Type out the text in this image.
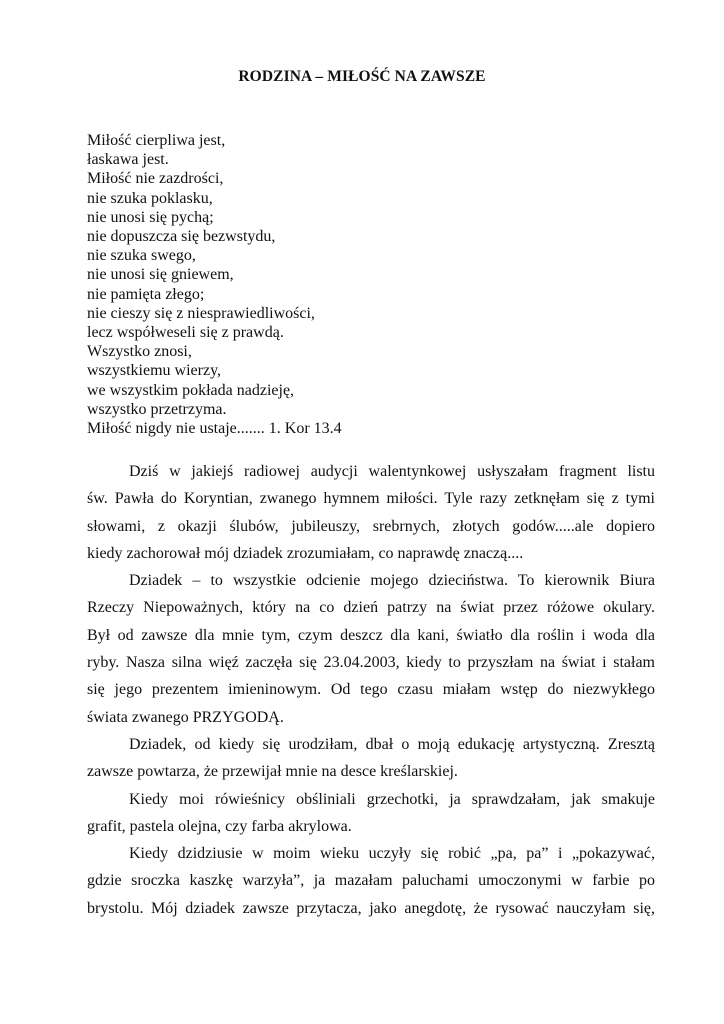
RODZINA – MIŁOŚĆ NA ZAWSZE
Miłość cierpliwa jest,
łaskawa jest.
Miłość nie zazdrości,
nie szuka poklasku,
nie unosi się pychą;
nie dopuszcza się bezwstydu,
nie szuka swego,
nie unosi się gniewem,
nie pamięta złego;
nie cieszy się z niesprawiedliwości,
lecz współweseli się z prawdą.
Wszystko znosi,
wszystkiemu wierzy,
we wszystkim pokłada nadzieję,
wszystko przetrzyma.
Miłość nigdy nie ustaje....... 1. Kor 13.4
Dziś w jakiejś radiowej audycji walentynkowej usłyszałam fragment listu
św. Pawła do Koryntian, zwanego hymnem miłości. Tyle razy zetknęłam się z tymi
słowami, z okazji ślubów, jubileuszy, srebrnych, złotych godów.....ale dopiero
kiedy zachorował mój dziadek zrozumiałam, co naprawdę znaczą....
Dziadek – to wszystkie odcienie mojego dzieciństwa. To kierownik Biura
Rzeczy Niepoważnych, który na co dzień patrzy na świat przez różowe okulary.
Był od zawsze dla mnie tym, czym deszcz dla kani, światło dla roślin i woda dla
ryby. Nasza silna więź zaczęła się 23.04.2003, kiedy to przyszłam na świat i stałam
się jego prezentem imieninowym. Od tego czasu miałam wstęp do niezwykłego
świata zwanego PRZYGODĄ.
Dziadek, od kiedy się urodziłam, dbał o moją edukację artystyczną. Zresztą
zawsze powtarza, że przewijał mnie na desce kreślarskiej.
Kiedy moi rówieśnicy obśliniali grzechotki, ja sprawdzałam, jak smakuje
grafit, pastela olejna, czy farba akrylowa.
Kiedy dzidziusie w moim wieku uczyły się robić „pa, pa” i „pokazywać,
gdzie sroczka kaszkę warzyła”, ja mazałam paluchami umoczonymi w farbie po
brystolu. Mój dziadek zawsze przytacza, jako anegdotę, że rysować nauczyłam się,
